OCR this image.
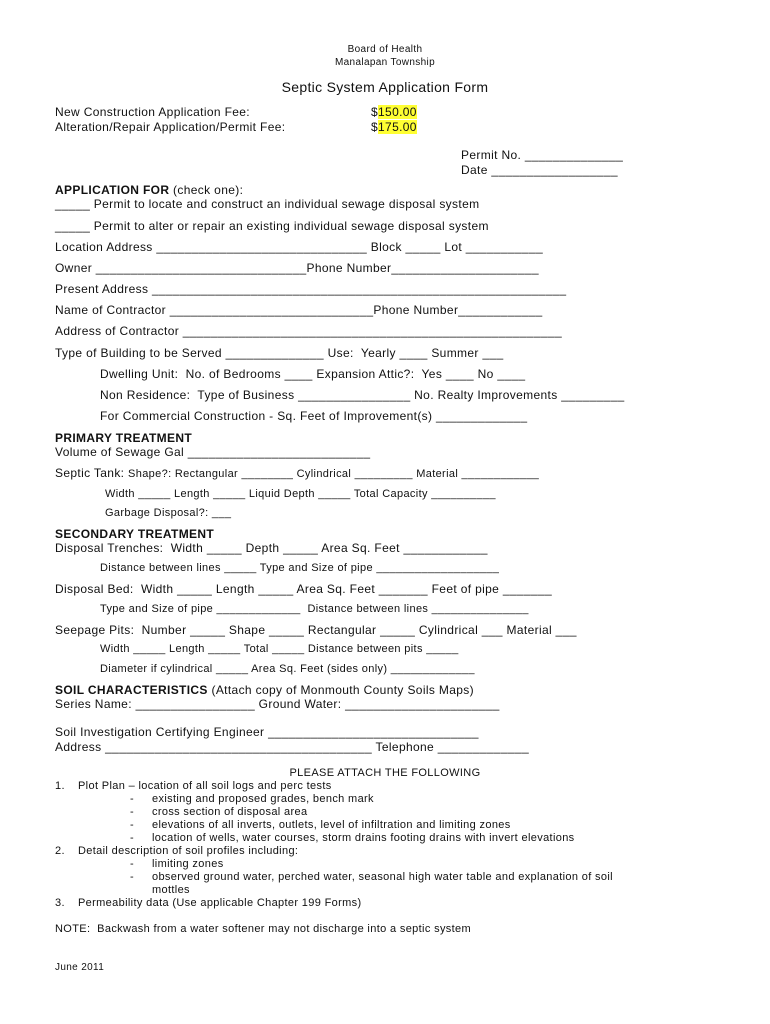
Board of Health
Manalapan Township
Septic System Application Form
New Construction Application Fee:	$150.00
Alteration/Repair Application/Permit Fee:	$175.00
Permit No. ______________
Date __________________
APPLICATION FOR (check one):
_____ Permit to locate and construct an individual sewage disposal system
_____ Permit to alter or repair an existing individual sewage disposal system
Location Address ______________________________ Block _____ Lot ___________
Owner ______________________________Phone Number_____________________
Present Address ___________________________________________________________
Name of Contractor _____________________________Phone Number____________
Address of Contractor ______________________________________________________
Type of Building to be Served ______________ Use:  Yearly ____ Summer ___
Dwelling Unit:  No. of Bedrooms ____ Expansion Attic?:  Yes ____ No ____
Non Residence:  Type of Business ________________ No. Realty Improvements _________
For Commercial Construction - Sq. Feet of Improvement(s) _____________
PRIMARY TREATMENT
Volume of Sewage Gal __________________________
Septic Tank: Shape?: Rectangular ________ Cylindrical _________ Material ____________
Width _____ Length _____ Liquid Depth _____ Total Capacity __________
Garbage Disposal?: ___
SECONDARY TREATMENT
Disposal Trenches:  Width _____ Depth _____ Area Sq. Feet ____________
Distance between lines _____ Type and Size of pipe ___________________
Disposal Bed:  Width _____ Length _____ Area Sq. Feet _______ Feet of pipe _______
Type and Size of pipe _____________  Distance between lines _______________
Seepage Pits:  Number _____ Shape _____ Rectangular _____ Cylindrical ___ Material ___
Width _____ Length _____ Total _____ Distance between pits _____
Diameter if cylindrical _____ Area Sq. Feet (sides only) _____________
SOIL CHARACTERISTICS (Attach copy of Monmouth County Soils Maps)
Series Name: _________________ Ground Water: ______________________
Soil Investigation Certifying Engineer ______________________________
Address ______________________________________ Telephone _____________
PLEASE ATTACH THE FOLLOWING
1. Plot Plan – location of all soil logs and perc tests
- existing and proposed grades, bench mark
- cross section of disposal area
- elevations of all inverts, outlets, level of infiltration and limiting zones
- location of wells, water courses, storm drains footing drains with invert elevations
2. Detail description of soil profiles including:
- limiting zones
- observed ground water, perched water, seasonal high water table and explanation of soil
mottles
3. Permeability data (Use applicable Chapter 199 Forms)
NOTE:  Backwash from a water softener may not discharge into a septic system
June 2011
